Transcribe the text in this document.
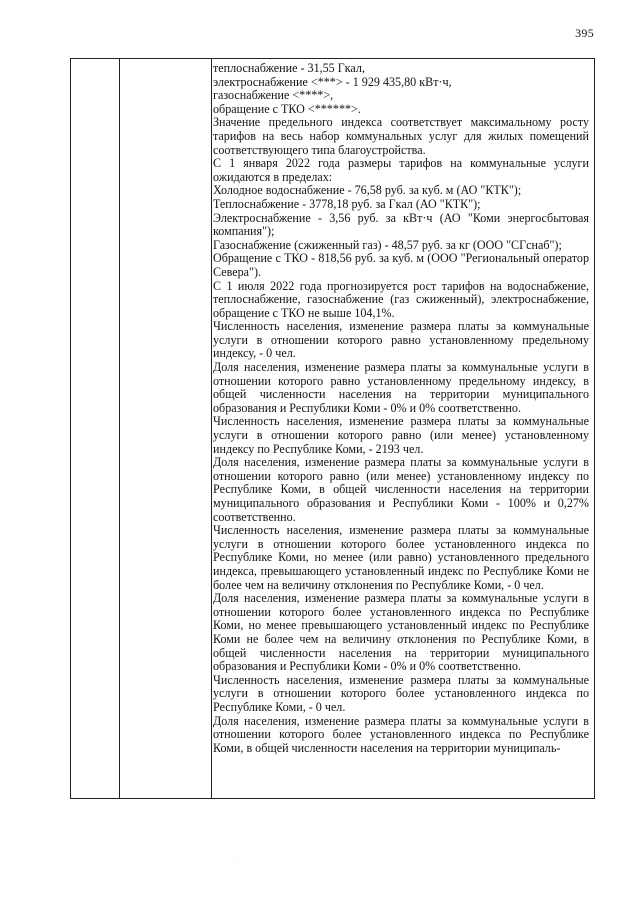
395

теплоснабжение - 31,55 Гкал,

электроснабжение <***> - 1 929 435,80 кВт·ч,

газоснабжение <****>,

обращение с ТКО <******>.

Значение предельного индекса соответствует максимальному росту тарифов на весь набор коммунальных услуг для жилых помещений соответствующего типа благоустройства.

С 1 января 2022 года размеры тарифов на коммунальные услуги ожидаются в пределах:

Холодное водоснабжение - 76,58 руб. за куб. м (АО "КТК");

Теплоснабжение - 3778,18 руб. за Гкал (АО "КТК");

Электроснабжение - 3,56 руб. за кВт·ч (АО "Коми энергосбытовая компания");

Газоснабжение (сжиженный газ) - 48,57 руб. за кг (ООО "СГснаб");

Обращение с ТКО - 818,56 руб. за куб. м (ООО "Региональный оператор Севера").

С 1 июля 2022 года прогнозируется рост тарифов на водоснабжение, теплоснабжение, газоснабжение (газ сжиженный), электроснабжение, обращение с ТКО не выше 104,1%.

Численность населения, изменение размера платы за коммунальные услуги в отношении которого равно установленному предельному индексу, - 0 чел.

Доля населения, изменение размера платы за коммунальные услуги в отношении которого равно установленному предельному индексу, в общей численности населения на территории муниципального образования и Республики Коми - 0% и 0% соответственно.

Численность населения, изменение размера платы за коммунальные услуги в отношении которого равно (или менее) установленному индексу по Республике Коми, - 2193 чел.

Доля населения, изменение размера платы за коммунальные услуги в отношении которого равно (или менее) установленному индексу по Республике Коми, в общей численности населения на территории муниципального образования и Республики Коми - 100% и 0,27% соответственно.

Численность населения, изменение размера платы за коммунальные услуги в отношении которого более установленного индекса по Республике Коми, но менее (или равно) установленного предельного индекса, превышающего установленный индекс по Республике Коми не более чем на величину отклонения по Республике Коми, - 0 чел.

Доля населения, изменение размера платы за коммунальные услуги в отношении которого более установленного индекса по Республике Коми, но менее превышающего установленный индекс по Республике Коми не более чем на величину отклонения по Республике Коми, в общей численности населения на территории муниципального образования и Республики Коми - 0% и 0% соответственно.

Численность населения, изменение размера платы за коммунальные услуги в отношении которого более установленного индекса по Республике Коми, - 0 чел.

Доля населения, изменение размера платы за коммунальные услуги в отношении которого более установленного индекса по Республике Коми, в общей численности населения на территории муниципаль-

·
